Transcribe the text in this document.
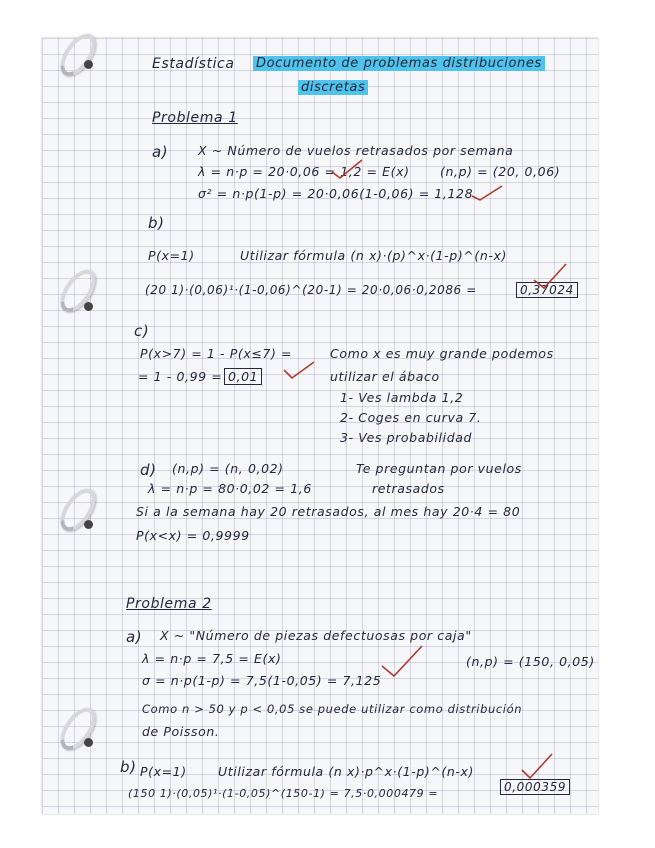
Estadística Documento de problemas distribuciones

discretas

Problema 1

a) X ~ Número de vuelos retrasados por semana

λ = n·p = 20·0,06 = 1,2 = E(x) (n,p) = (20, 0,06)

σ² = n·p(1-p) = 20·0,06(1-0,06) = 1,128

b)

P(x=1)	Utilizar fórmula (n x)·(p)^x·(1-p)^(n-x)

(20 1)·(0,06)¹·(1-0,06)^(20-1) = 20·0,06·0,2086 =	0,37024

c)

P(x>7) = 1 - P(x≤7) =

= 1 - 0,99 = 0,01

Como x es muy grande podemos

utilizar el ábaco

1- Ves lambda 1,2

2- Coges en curva 7.

3- Ves probabilidad

d) (n,p) = (n, 0,02)

λ = n·p = 80·0,02 = 1,6

Te preguntan por vuelos

retrasados

Si a la semana hay 20 retrasados, al mes hay 20·4 = 80

P(x<x) = 0,9999

Problema 2

a) X ~ "Número de piezas defectuosas por caja"

λ = n·p = 7,5 = E(x)	(n,p) = (150, 0,05)

σ = n·p(1-p) = 7,5(1-0,05) = 7,125

Como n > 50 y p < 0,05 se puede utilizar como distribución

de Poisson.

b) P(x=1)	Utilizar fórmula (n x)·p^x·(1-p)^(n-x)

(150 1)·(0,05)¹·(1-0,05)^(150-1) = 7,5·0,000479 =	0,000359
